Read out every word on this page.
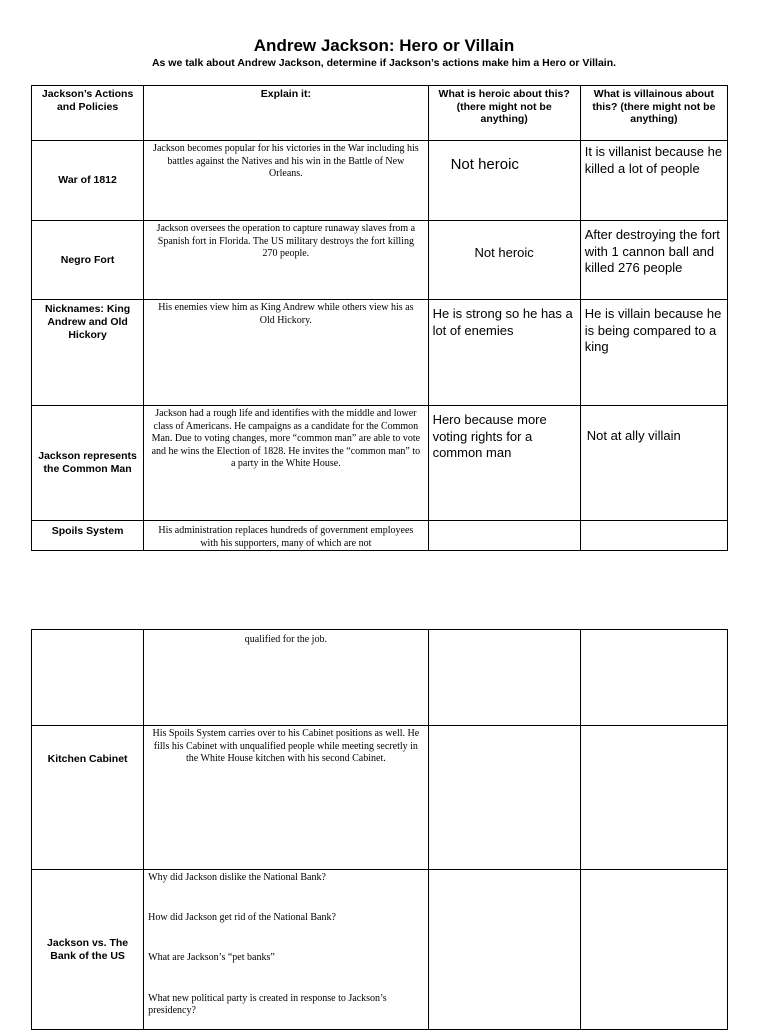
Andrew Jackson: Hero or Villain
As we talk about Andrew Jackson, determine if Jackson’s actions make him a Hero or Villain.
Jackson’s Actions and Policies	Explain it:	What is heroic about this? (there might not be anything)	What is villainous about this? (there might not be anything)
War of 1812	Jackson becomes popular for his victories in the War including his battles against the Natives and his win in the Battle of New Orleans.	Not heroic	It is villanist because he killed a lot of people
Negro Fort	Jackson oversees the operation to capture runaway slaves from a Spanish fort in Florida. The US military destroys the fort killing 270 people.	Not heroic	After destroying the fort with 1 cannon ball and killed 276 people
Nicknames: King Andrew and Old Hickory	His enemies view him as King Andrew while others view his as Old Hickory.	He is strong so he has a lot of enemies	He is villain because he is being compared to a king
Jackson represents the Common Man	Jackson had a rough life and identifies with the middle and lower class of Americans. He campaigns as a candidate for the Common Man. Due to voting changes, more “common man” are able to vote and he wins the Election of 1828. He invites the “common man” to a party in the White House.	Hero because more voting rights for a common man	Not at ally villain
Spoils System	His administration replaces hundreds of government employees with his supporters, many of which are not		
	qualified for the job.		
Kitchen Cabinet	His Spoils System carries over to his Cabinet positions as well. He fills his Cabinet with unqualified people while meeting secretly in the White House kitchen with his second Cabinet.		
Jackson vs. The Bank of the US	Why did Jackson dislike the National Bank?
How did Jackson get rid of the National Bank?
What are Jackson’s “pet banks”
What new political party is created in response to Jackson’s presidency?		
